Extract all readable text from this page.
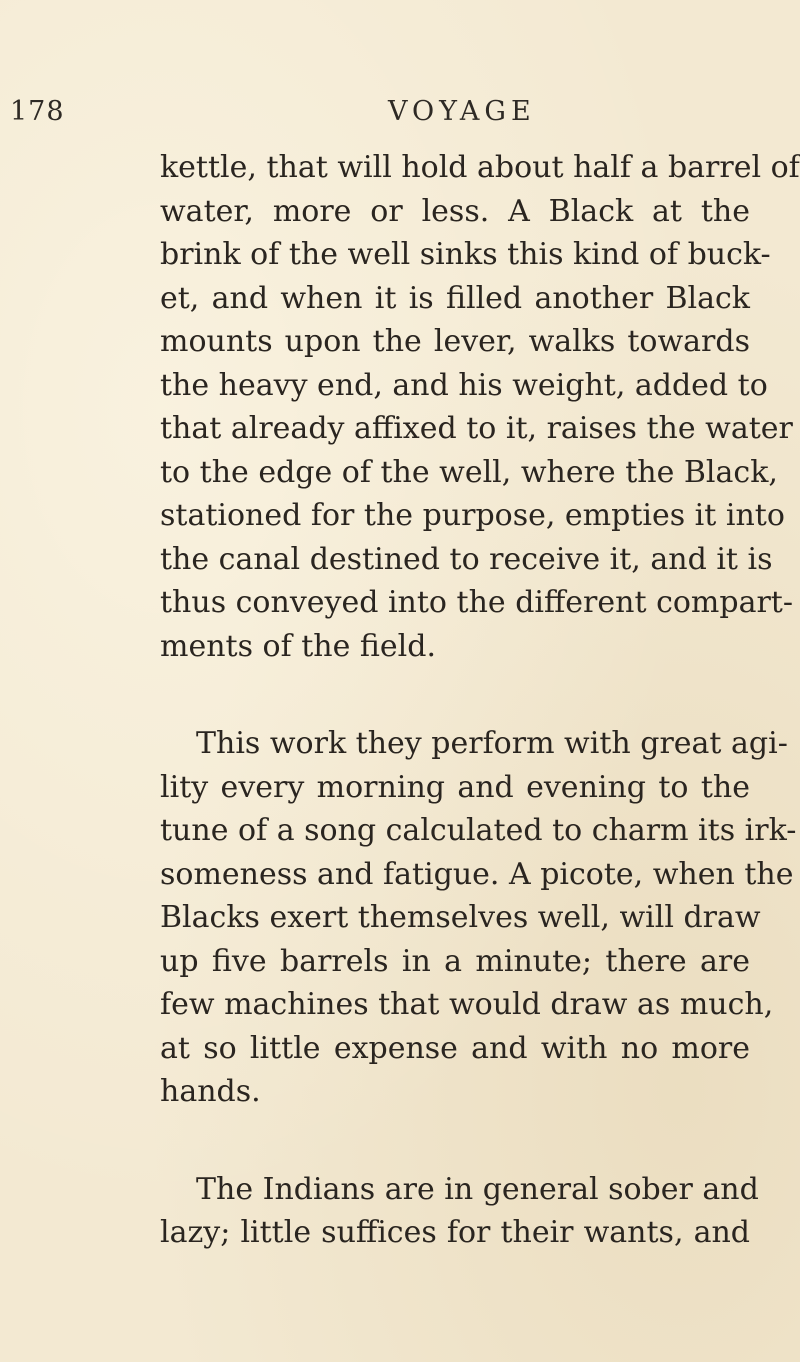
178	VOYAGE
kettle, that will hold about half a barrel of
water, more or less. A Black at the
brink of the well sinks this kind of buck-
et, and when it is filled another Black
mounts upon the lever, walks towards
the heavy end, and his weight, added to
that already affixed to it, raises the water
to the edge of the well, where the Black,
stationed for the purpose, empties it into
the canal destined to receive it, and it is
thus conveyed into the different compart-
ments of the field.
This work they perform with great agi-
lity every morning and evening to the
tune of a song calculated to charm its irk-
someness and fatigue. A picote, when the
Blacks exert themselves well, will draw
up five barrels in a minute; there are
few machines that would draw as much,
at so little expense and with no more
hands.
The Indians are in general sober and
lazy; little suffices for their wants, and
